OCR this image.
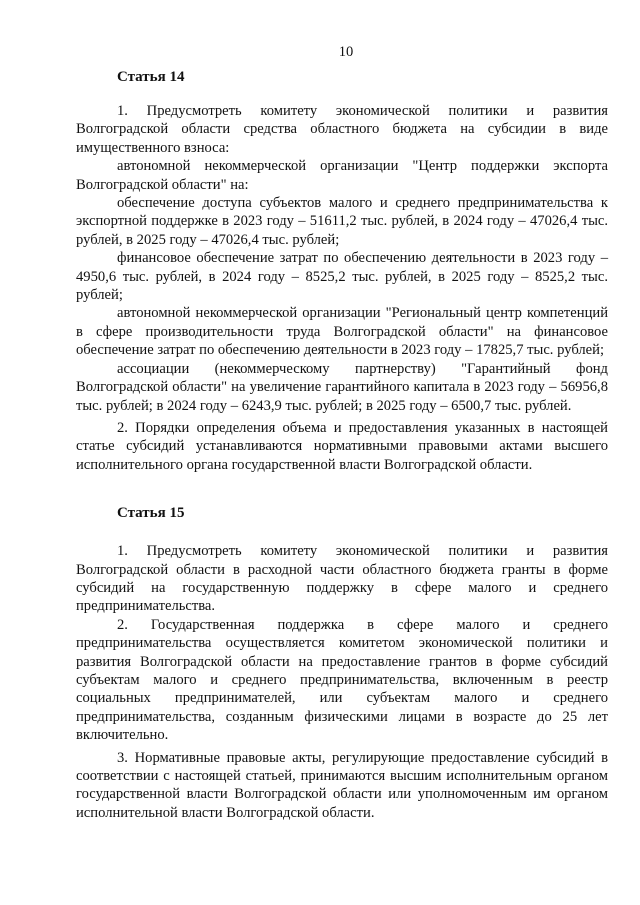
10
Статья 14

1. Предусмотреть комитету экономической политики и развития Волгоградской области средства областного бюджета на субсидии в виде имущественного взноса:

автономной некоммерческой организации "Центр поддержки экспорта Волгоградской области" на:

обеспечение доступа субъектов малого и среднего предпринимательства к экспортной поддержке в 2023 году – 51611,2 тыс. рублей, в 2024 году – 47026,4 тыс. рублей, в 2025 году – 47026,4 тыс. рублей;

финансовое обеспечение затрат по обеспечению деятельности в 2023 году – 4950,6 тыс. рублей, в 2024 году – 8525,2 тыс. рублей, в 2025 году – 8525,2 тыс. рублей;

автономной некоммерческой организации "Региональный центр компетенций в сфере производительности труда Волгоградской области" на финансовое обеспечение затрат по обеспечению деятельности в 2023 году – 17825,7 тыс. рублей;

ассоциации (некоммерческому партнерству) "Гарантийный фонд Волгоградской области" на увеличение гарантийного капитала в 2023 году – 56956,8 тыс. рублей; в 2024 году – 6243,9 тыс. рублей; в 2025 году – 6500,7 тыс. рублей.

2. Порядки определения объема и предоставления указанных в настоящей статье субсидий устанавливаются нормативными правовыми актами высшего исполнительного органа государственной власти Волгоградской области.

Статья 15

1. Предусмотреть комитету экономической политики и развития Волгоградской области в расходной части областного бюджета гранты в форме субсидий на государственную поддержку в сфере малого и среднего предпринимательства.

2. Государственная поддержка в сфере малого и среднего предпринимательства осуществляется комитетом экономической политики и развития Волгоградской области на предоставление грантов в форме субсидий субъектам малого и среднего предпринимательства, включенным в реестр социальных предпринимателей, или субъектам малого и среднего предпринимательства, созданным физическими лицами в возрасте до 25 лет включительно.

3. Нормативные правовые акты, регулирующие предоставление субсидий в соответствии с настоящей статьей, принимаются высшим исполнительным органом государственной власти Волгоградской области или уполномоченным им органом исполнительной власти Волгоградской области.
